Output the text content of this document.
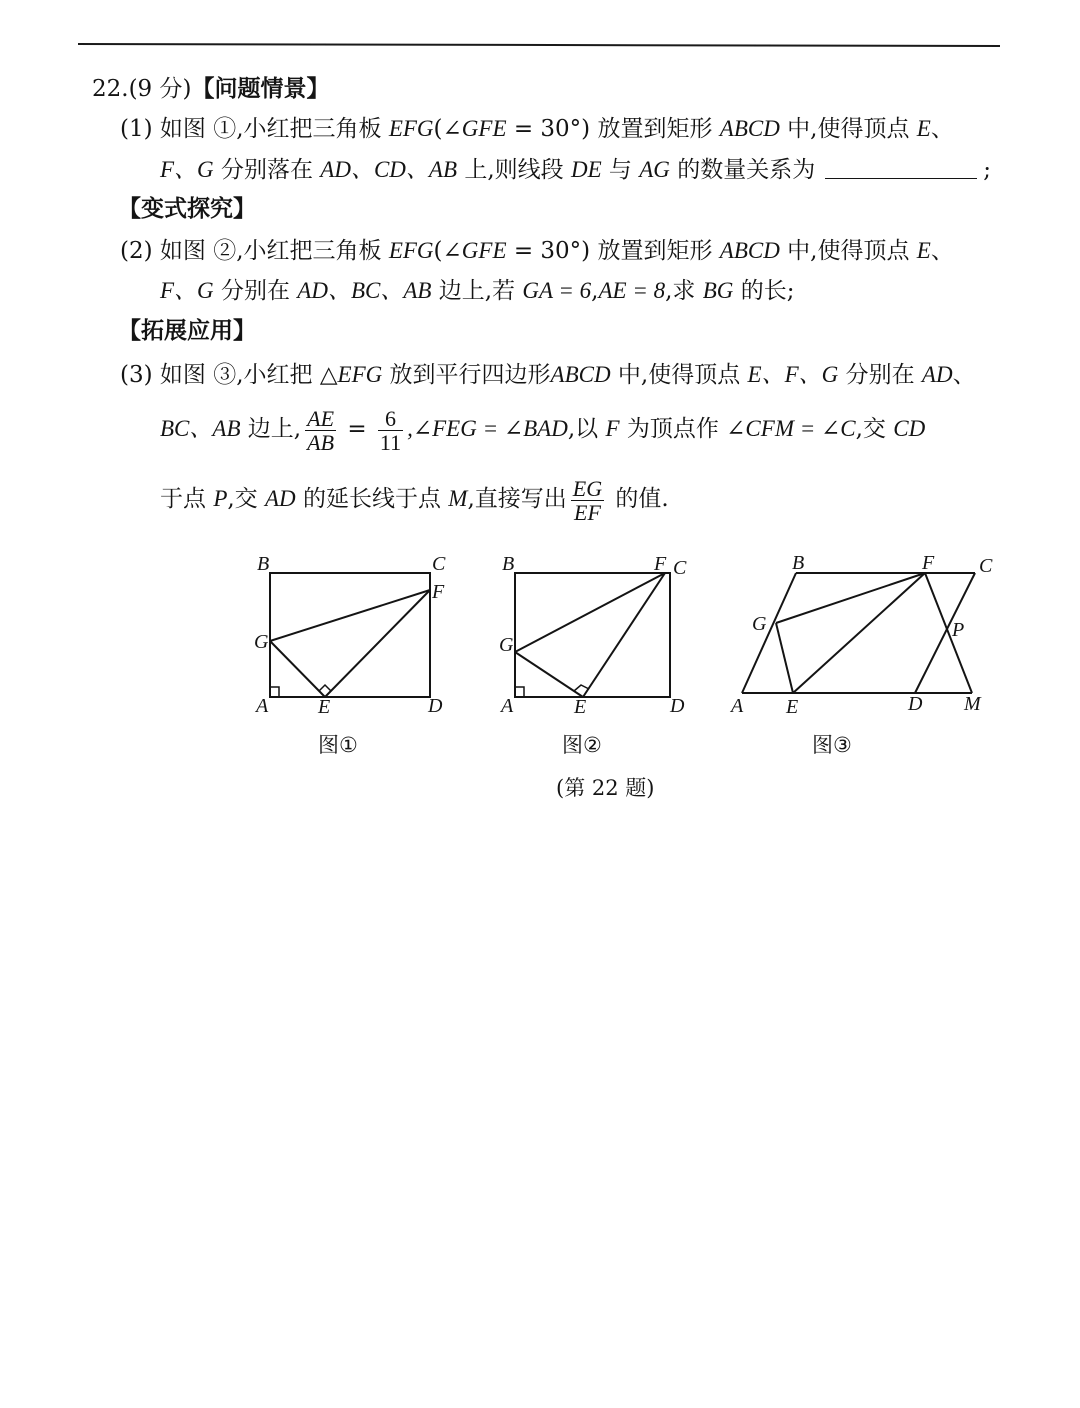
22.(9 分)【问题情景】
(1) 如图 ①,小红把三角板 EFG(∠GFE = 30°) 放置到矩形 ABCD 中,使得顶点 E、
F、G 分别落在 AD、CD、AB 上,则线段 DE 与 AG 的数量关系为	;
【变式探究】
(2) 如图 ②,小红把三角板 EFG(∠GFE = 30°) 放置到矩形 ABCD 中,使得顶点 E、
F、G 分别在 AD、BC、AB 边上,若 GA = 6,AE = 8,求 BG 的长;
【拓展应用】
(3) 如图 ③,小红把 △EFG 放到平行四边形ABCD 中,使得顶点 E、F、G 分别在 AD、
BC、AB 边上, $\frac{AE}{AB} = \frac{6}{11}$ ,∠FEG = ∠BAD,以 F 为顶点作 ∠CFM = ∠C,交 CD
于点 P,交 AD 的延长线于点 M,直接写出 $\frac{EG}{EF}$ 的值.
B	C
F
G
A E	D
图①
B	F C
G
A	E	D
图②
B	F C
G	P
A E	D M
图③
(第 22 题)
